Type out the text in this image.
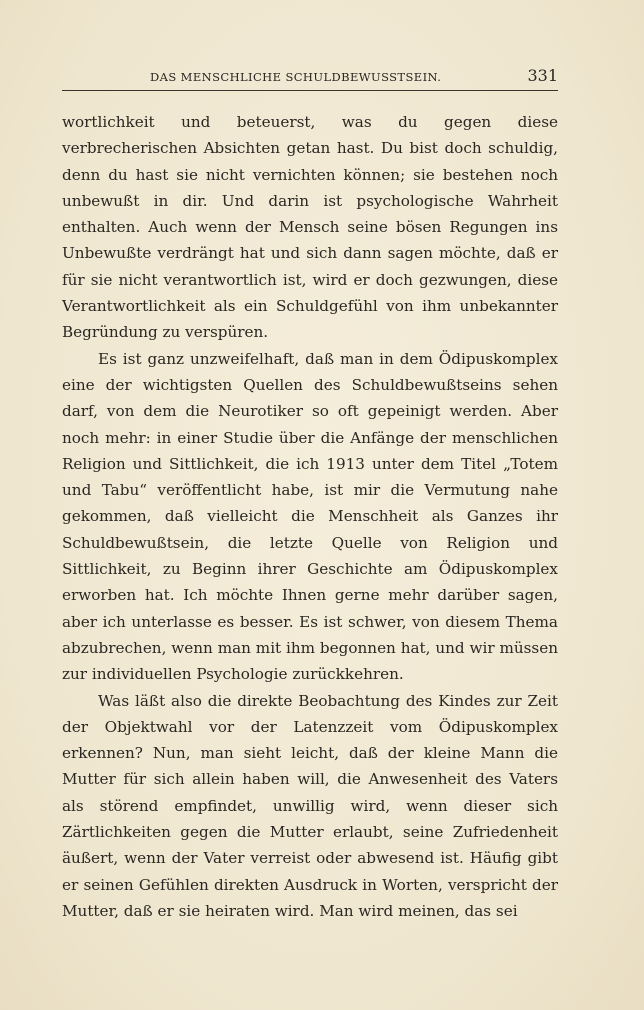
DAS MENSCHLICHE SCHULDBEWUSSTSEIN.	331

wortlichkeit und beteuerst, was du gegen diese verbrecherischen Absichten getan hast. Du bist doch schuldig, denn du hast sie nicht vernichten können; sie bestehen noch unbewußt in dir. Und darin ist psychologische Wahrheit enthalten. Auch wenn der Mensch seine bösen Regungen ins Unbewußte verdrängt hat und sich dann sagen möchte, daß er für sie nicht verantwortlich ist, wird er doch gezwungen, diese Verantwortlichkeit als ein Schuldgefühl von ihm unbekannter Begründung zu verspüren.

Es ist ganz unzweifelhaft, daß man in dem Ödipuskomplex eine der wichtigsten Quellen des Schuldbewußtseins sehen darf, von dem die Neurotiker so oft gepeinigt werden. Aber noch mehr: in einer Studie über die Anfänge der menschlichen Religion und Sittlichkeit, die ich 1913 unter dem Titel „Totem und Tabu“ veröffentlicht habe, ist mir die Vermutung nahe gekommen, daß vielleicht die Menschheit als Ganzes ihr Schuldbewußtsein, die letzte Quelle von Religion und Sittlichkeit, zu Beginn ihrer Geschichte am Ödipuskomplex erworben hat. Ich möchte Ihnen gerne mehr darüber sagen, aber ich unterlasse es besser. Es ist schwer, von diesem Thema abzubrechen, wenn man mit ihm begonnen hat, und wir müssen zur individuellen Psychologie zurückkehren.

Was läßt also die direkte Beobachtung des Kindes zur Zeit der Objektwahl vor der Latenzzeit vom Ödipuskomplex erkennen? Nun, man sieht leicht, daß der kleine Mann die Mutter für sich allein haben will, die Anwesenheit des Vaters als störend empfindet, unwillig wird, wenn dieser sich Zärtlichkeiten gegen die Mutter erlaubt, seine Zufriedenheit äußert, wenn der Vater verreist oder abwesend ist. Häufig gibt er seinen Gefühlen direkten Ausdruck in Worten, verspricht der Mutter, daß er sie heiraten wird. Man wird meinen, das sei
